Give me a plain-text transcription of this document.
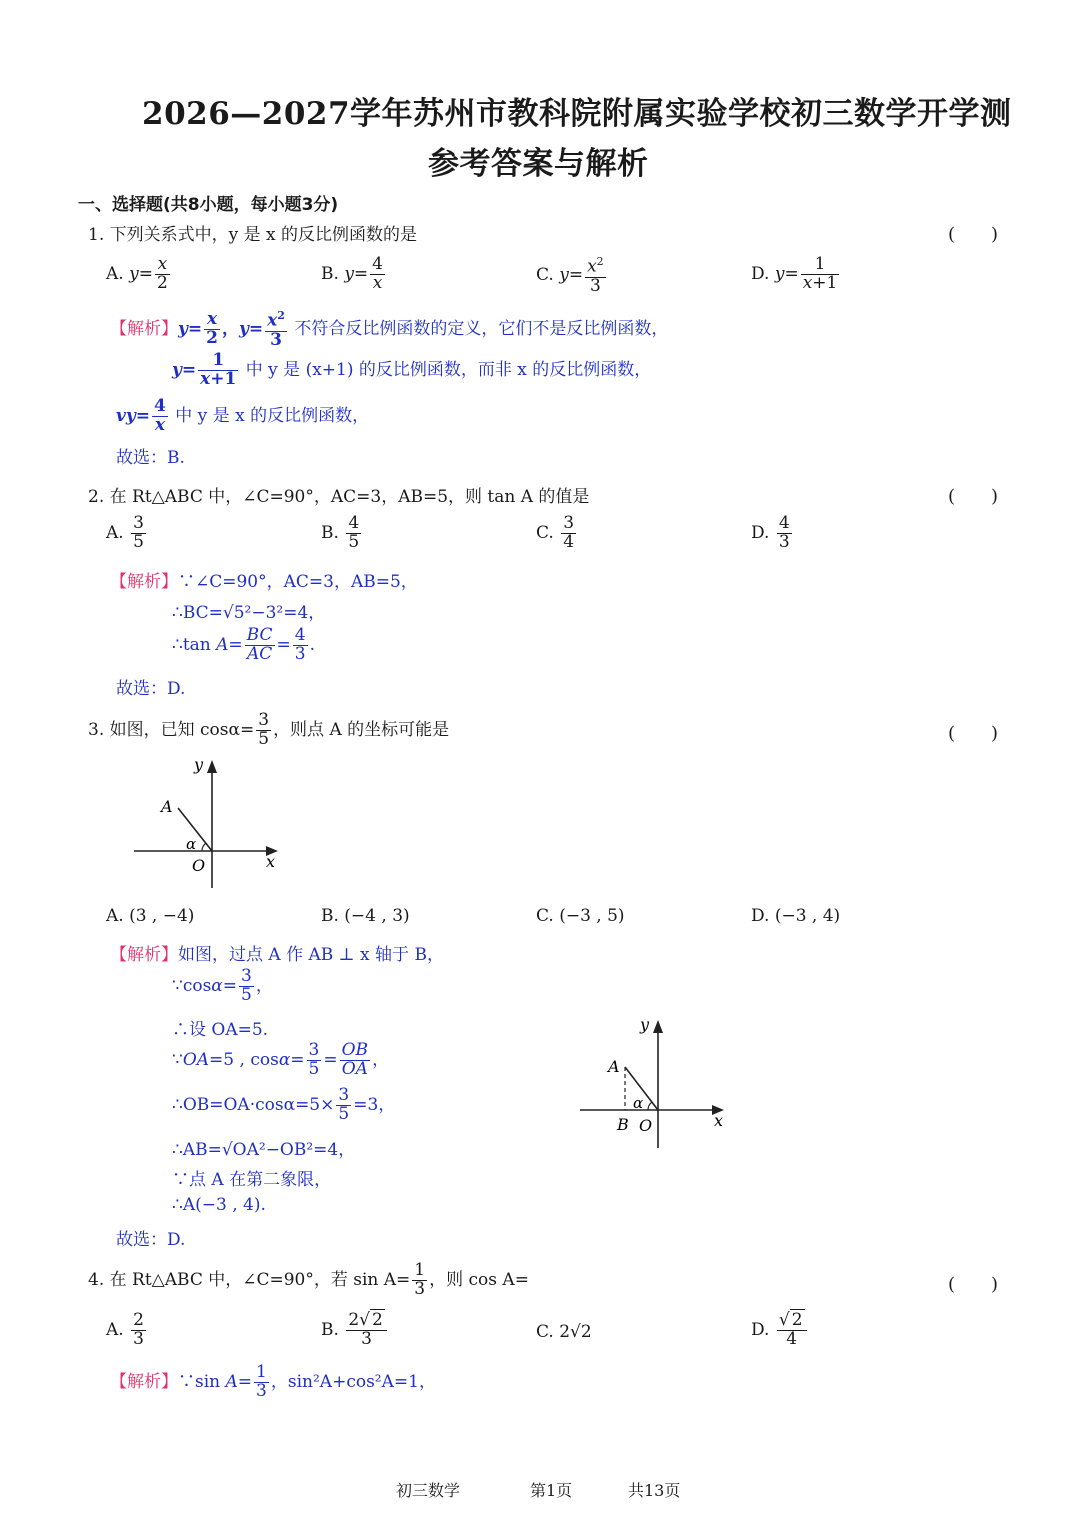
2026—2027学年苏州市教科院附属实验学校初三数学开学测
参考答案与解析
一、选择题(共8小题，每小题3分)
1. 下列关系式中，y 是 x 的反比例函数的是	(　　)
A. $y= \frac{x}{2}$	B. $y= \frac{4}{x}$	C. $y= \frac{x^2}{3}$	D. $y= \frac{1}{x+1}$
【解析】$y= \frac{x}{2}$ ，$y= \frac{x^2}{3}$ 不符合反比例函数的定义，它们不是反比例函数，
$y= \frac{1}{x+1}$ 中 y 是 (x+1) 的反比例函数，而非 x 的反比例函数，
$vy= \frac{4}{x}$ 中 y 是 x 的反比例函数，
故选：B.
2. 在 Rt△ABC 中，∠C=90°，AC=3，AB=5，则 tan A 的值是	(　　)
A. $\frac{3}{5}$	B. $\frac{4}{5}$	C. $\frac{3}{4}$	D. $\frac{4}{3}$
【解析】∵∠C=90°，AC=3，AB=5，
∴BC=√5²−3²=4，
∴tan $A= \frac{BC}{AC} = \frac{4}{3}$ .
故选：D.
3. 如图，已知 $\cos\alpha= \frac{3}{5}$ ，则点 A 的坐标可能是	(　　)
y
x
A
O
α
A. (3 , −4)	B. (−4 , 3)	C. (−3 , 5)	D. (−3 , 4)
【解析】如图，过点 A 作 AB ⊥ x 轴于 B，
∵cosα= $\frac{3}{5}$ ，
∴设 OA=5.
∵OA=5 , $\cos\alpha= \frac{3}{5} = \frac{OB}{OA}$ ，
∴OB=OA·cosα=5× $\frac{3}{5} =3$，
∴AB=√OA²−OB²=4，
∵点 A 在第二象限，
∴A(−3 , 4).
故选：D.
y
x
A
B O
α
4. 在 Rt△ABC 中，∠C=90°，若 $\sin A= \frac{1}{3}$ ，则 cos A=	(　　)
A. $\frac{2}{3}$	B. $\frac{2√ 2}{3}$	C. 2√2	D. $\frac{√ 2}{4}$
【解析】∵sin $A= \frac{1}{3}$ ，sin²A+cos²A=1，
初三数学	第1页	共13页
